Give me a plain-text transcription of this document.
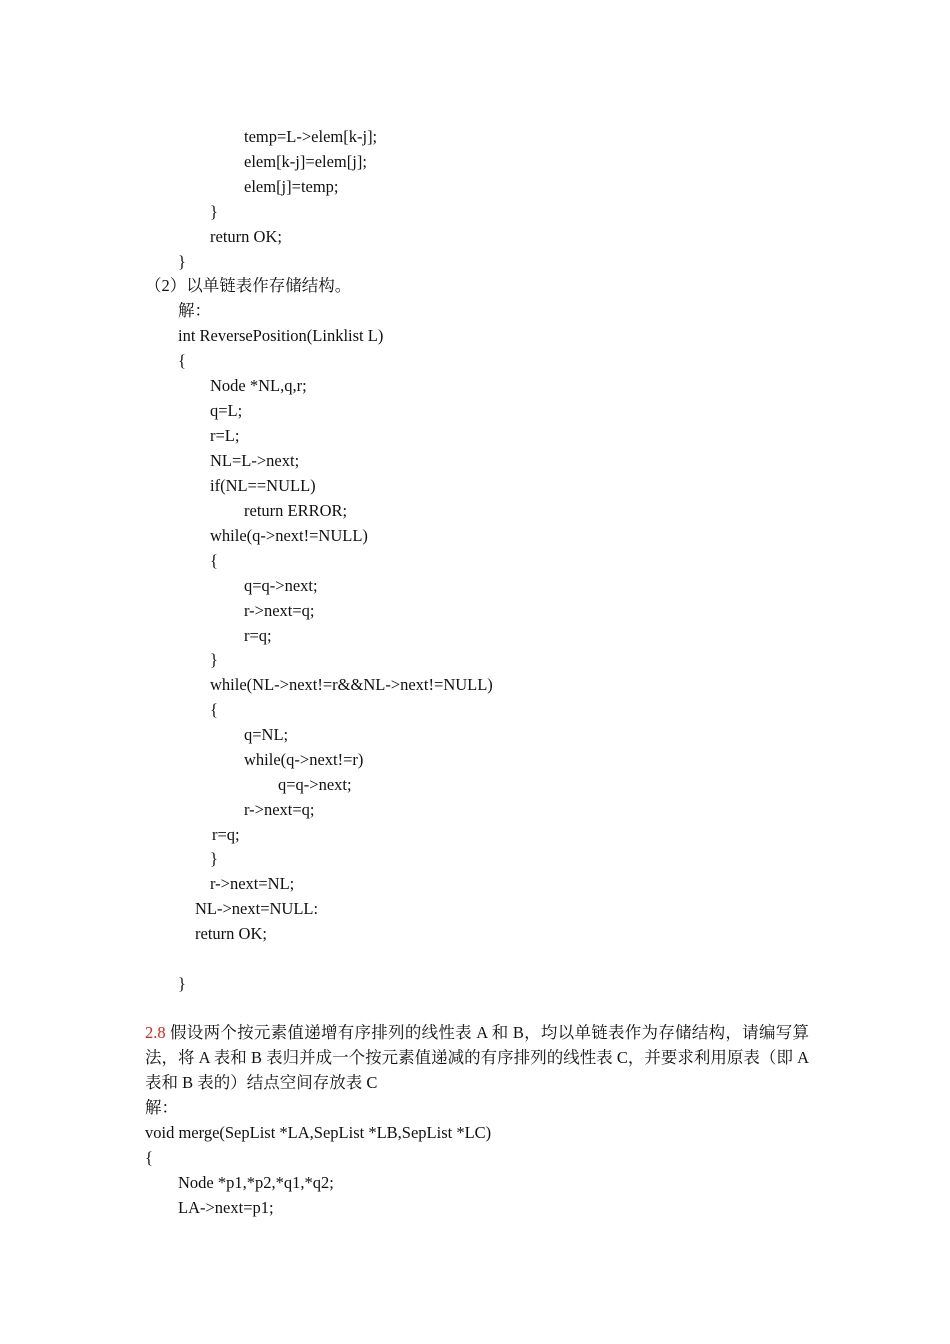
temp=L->elem[k-j];
elem[k-j]=elem[j];
elem[j]=temp;
}
return OK;
}
（2）以单链表作存储结构。
解：
int ReversePosition(Linklist L)
{
Node *NL,q,r;
q=L;
r=L;
NL=L->next;
if(NL==NULL)
return ERROR;
while(q->next!=NULL)
{
q=q->next;
r->next=q;
r=q;
}
while(NL->next!=r&&NL->next!=NULL)
{
q=NL;
while(q->next!=r)
q=q->next;
r->next=q;
r=q;
}
r->next=NL;
NL->next=NULL:
return OK;
}
2.8 假设两个按元素值递增有序排列的线性表 A 和 B，均以单链表作为存储结构，请编写算法，将 A 表和 B 表归并成一个按元素值递减的有序排列的线性表 C，并要求利用原表（即 A 表和 B 表的）结点空间存放表 C
解：
void merge(SepList *LA,SepList *LB,SepList *LC)
{
Node *p1,*p2,*q1,*q2;
LA->next=p1;
